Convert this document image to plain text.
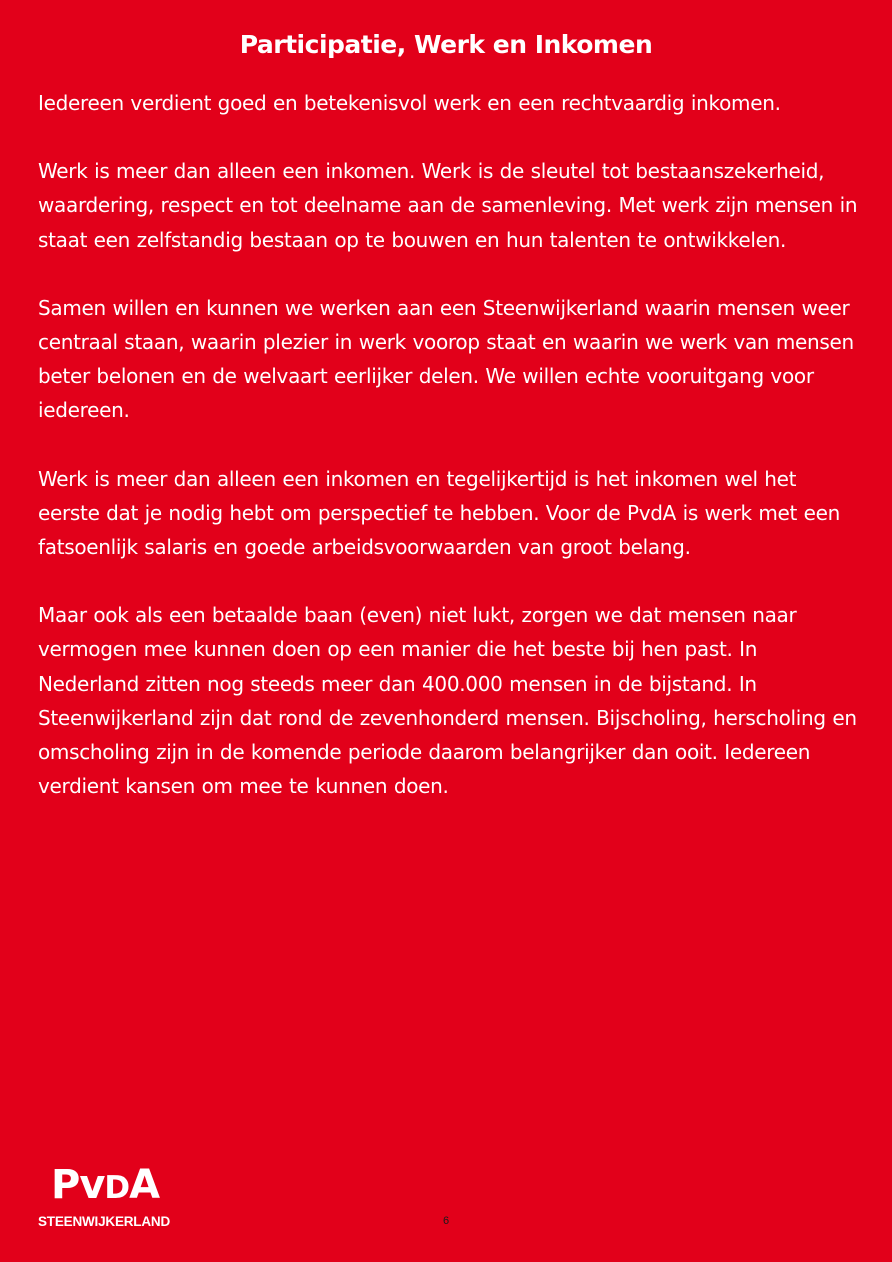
Participatie, Werk en Inkomen

Iedereen verdient goed en betekenisvol werk en een rechtvaardig inkomen.

Werk is meer dan alleen een inkomen. Werk is de sleutel tot bestaanszekerheid, waardering, respect en tot deelname aan de samenleving. Met werk zijn mensen in staat een zelfstandig bestaan op te bouwen en hun talenten te ontwikkelen.

Samen willen en kunnen we werken aan een Steenwijkerland waarin mensen weer centraal staan, waarin plezier in werk voorop staat en waarin we werk van mensen beter belonen en de welvaart eerlijker delen. We willen echte vooruitgang voor iedereen.

Werk is meer dan alleen een inkomen en tegelijkertijd is het inkomen wel het eerste dat je nodig hebt om perspectief te hebben. Voor de PvdA is werk met een fatsoenlijk salaris en goede arbeidsvoorwaarden van groot belang.

Maar ook als een betaalde baan (even) niet lukt, zorgen we dat mensen naar vermogen mee kunnen doen op een manier die het beste bij hen past. In Nederland zitten nog steeds meer dan 400.000 mensen in de bijstand. In Steenwijkerland zijn dat rond de zevenhonderd mensen. Bijscholing, herscholing en omscholing zijn in de komende periode daarom belangrijker dan ooit. Iedereen verdient kansen om mee te kunnen doen.

PvDA
STEENWIJKERLAND	6
